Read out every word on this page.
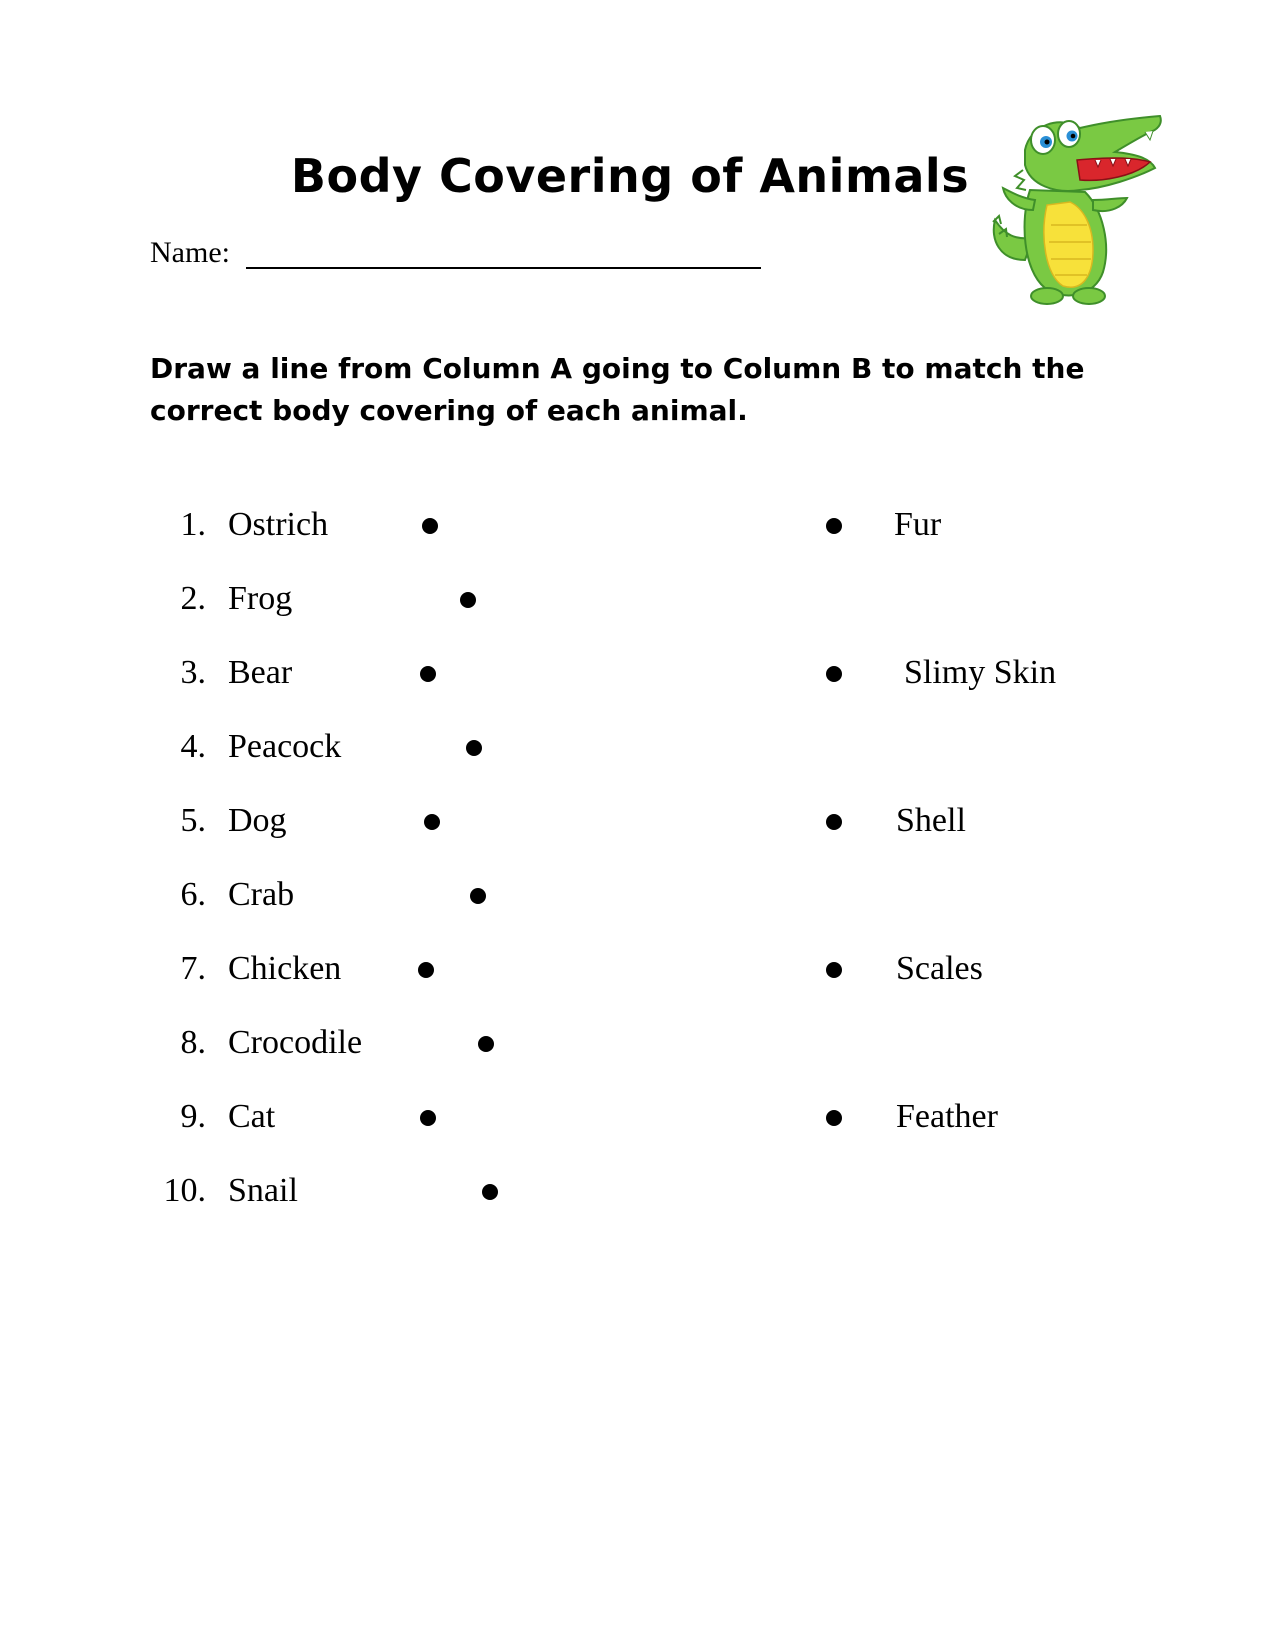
Body Covering of Animals
Name:
Draw a line from Column A going to Column B to match the correct body covering of each animal.
1. Ostrich
2. Frog
3. Bear
4. Peacock
5. Dog
6. Crab
7. Chicken
8. Crocodile
9. Cat
10. Snail
Fur
Slimy Skin
Shell
Scales
Feather
